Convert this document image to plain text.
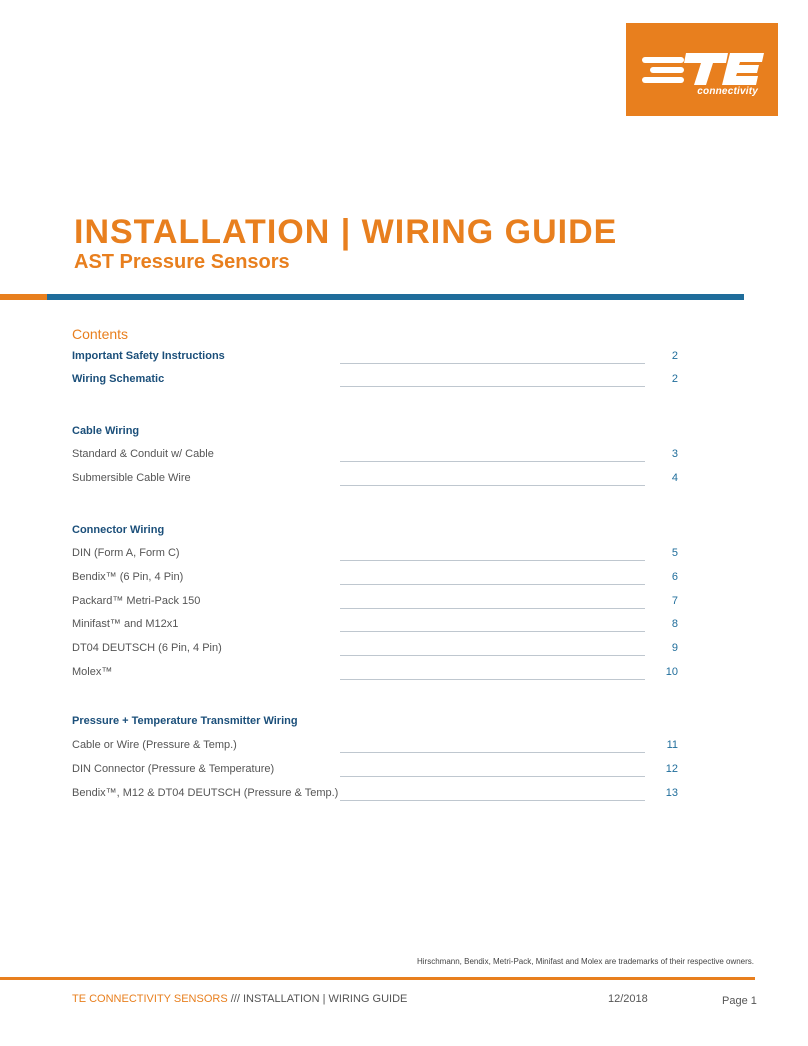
connectivity
INSTALLATION | WIRING GUIDE
AST Pressure Sensors
Contents
Important Safety Instructions	2
Wiring Schematic	2
Cable Wiring
Standard & Conduit w/ Cable	3
Submersible Cable Wire	4
Connector Wiring
DIN (Form A, Form C)	5
Bendix™ (6 Pin, 4 Pin)	6
Packard™ Metri-Pack 150	7
Minifast™ and M12x1	8
DT04 DEUTSCH (6 Pin, 4 Pin)	9
Molex™	10
Pressure + Temperature Transmitter Wiring
Cable or Wire (Pressure & Temp.)	11
DIN Connector (Pressure & Temperature)	12
Bendix™, M12 & DT04 DEUTSCH (Pressure & Temp.)	13
Hirschmann, Bendix, Metri-Pack, Minifast and Molex are trademarks of their respective owners.
TE CONNECTIVITY SENSORS /// INSTALLATION | WIRING GUIDE	12/2018	Page 1
